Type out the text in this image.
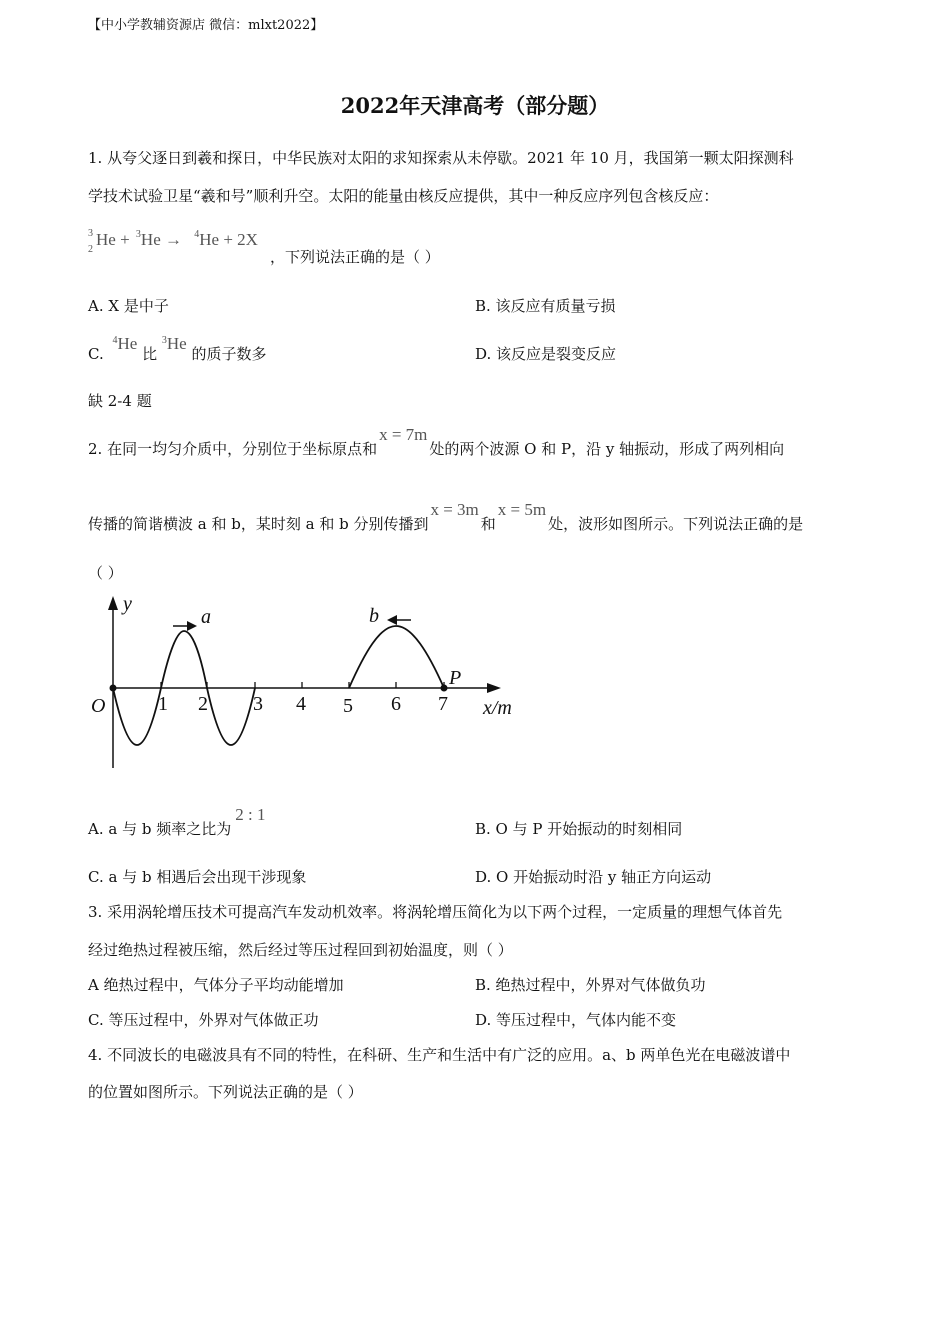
【中小学教辅资源店 微信：mlxt2022】
2022年天津高考（部分题）
1. 从夸父逐日到羲和探日，中华民族对太阳的求知探索从未停歇。2021 年 10 月，我国第一颗太阳探测科
学技术试验卫星“羲和号”顺利升空。太阳的能量由核反应提供，其中一种反应序列包含核反应：
3
2
He + $^3$He → $^4$He + 2X
，下列说法正确的是（ ）
A. X 是中子	B. 该反应有质量亏损
C. $^4$He 比 $^3$He 的质子数多	D. 该反应是裂变反应
缺 2-4 题
2. 在同一均匀介质中，分别位于坐标原点和x = 7m处的两个波源 O 和 P，沿 y 轴振动，形成了两列相向
传播的简谐横波 a 和 b，某时刻 a 和 b 分别传播到x = 3m和x = 5m处，波形如图所示。下列说法正确的是
（ ）
y
O
a	b
P
x/m
1 2 3 4 5 6 7
A. a 与 b 频率之比为2 : 1
B. O 与 P 开始振动的时刻相同
C. a 与 b 相遇后会出现干涉现象	D. O 开始振动时沿 y 轴正方向运动
3. 采用涡轮增压技术可提高汽车发动机效率。将涡轮增压简化为以下两个过程，一定质量的理想气体首先
经过绝热过程被压缩，然后经过等压过程回到初始温度，则（ ）
A 绝热过程中，气体分子平均动能增加	B. 绝热过程中，外界对气体做负功
C. 等压过程中，外界对气体做正功	D. 等压过程中，气体内能不变
4. 不同波长的电磁波具有不同的特性，在科研、生产和生活中有广泛的应用。a、b 两单色光在电磁波谱中
的位置如图所示。下列说法正确的是（ ）
